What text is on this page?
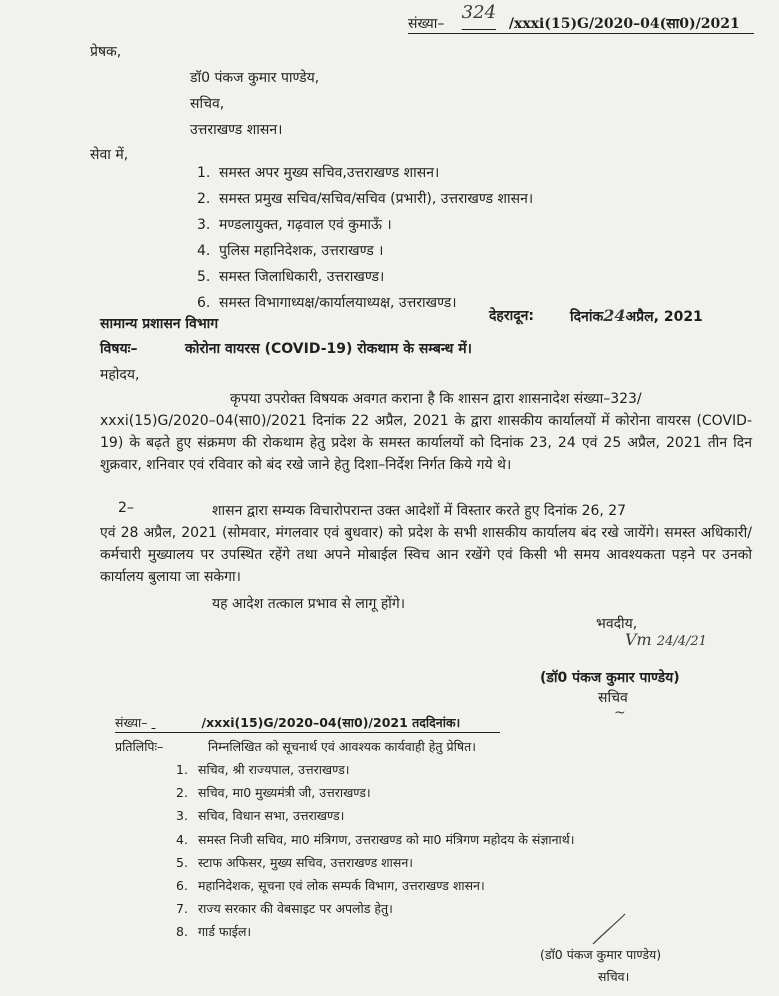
संख्या– 324/xxxi(15)G/2020–04(सा0)/2021
प्रेषक,
डॉ0 पंकज कुमार पाण्डेय,
सचिव,
उत्तराखण्ड शासन।
सेवा में,
1. समस्त अपर मुख्य सचिव,उत्तराखण्ड शासन।
2. समस्त प्रमुख सचिव/सचिव/सचिव (प्रभारी), उत्तराखण्ड शासन।
3. मण्डलायुक्त, गढ़वाल एवं कुमाऊँ ।
4. पुलिस महानिदेशक, उत्तराखण्ड ।
5. समस्त जिलाधिकारी, उत्तराखण्ड।
6. समस्त विभागाध्यक्ष/कार्यालयाध्यक्ष, उत्तराखण्ड।
सामान्य प्रशासन विभाग	देहरादून:	दिनांक24अप्रैल, 2021
विषयः–	कोरोना वायरस (COVID-19) रोकथाम के सम्बन्ध में।
महोदय,
कृपया उपरोक्त विषयक अवगत कराना है कि शासन द्वारा शासनादेश संख्या–323/
xxxi(15)G/2020–04(सा0)/2021 दिनांक 22 अप्रैल, 2021 के द्वारा शासकीय कार्यालयों में कोरोना वायरस (COVID-19) के बढ़ते हुए संक्रमण की रोकथाम हेतु प्रदेश के समस्त कार्यालयों को दिनांक 23, 24 एवं 25 अप्रैल, 2021 तीन दिन शुक्रवार, शनिवार एवं रविवार को बंद रखे जाने हेतु दिशा–निर्देश निर्गत किये गये थे।
2–	शासन द्वारा सम्यक विचारोपरान्त उक्त आदेशों में विस्तार करते हुए दिनांक 26, 27
एवं 28 अप्रैल, 2021 (सोमवार, मंगलवार एवं बुधवार) को प्रदेश के सभी शासकीय कार्यालय बंद रखे जायेंगे। समस्त अधिकारी/कर्मचारी मुख्यालय पर उपस्थित रहेंगे तथा अपने मोबाईल स्विच आन रखेंगे एवं किसी भी समय आवश्यकता पड़ने पर उनको कार्यालय बुलाया जा सकेगा।
यह आदेश तत्काल प्रभाव से लागू होंगे।
भवदीय,
Vm 24/4/21
(डॉ0 पंकज कुमार पाण्डेय)
सचिव
~
संख्या–	/xxxi(15)G/2020–04(सा0)/2021 तददिनांक।
प्रतिलिपिः–	निम्नलिखित को सूचनार्थ एवं आवश्यक कार्यवाही हेतु प्रेषित।
1. सचिव, श्री राज्यपाल, उत्तराखण्ड।
2. सचिव, मा0 मुख्यमंत्री जी, उत्तराखण्ड।
3. सचिव, विधान सभा, उत्तराखण्ड।
4. समस्त निजी सचिव, मा0 मंत्रिगण, उत्तराखण्ड को मा0 मंत्रिगण महोदय के संज्ञानार्थ।
5. स्टाफ अफिसर, मुख्य सचिव, उत्तराखण्ड शासन।
6. महानिदेशक, सूचना एवं लोक सम्पर्क विभाग, उत्तराखण्ड शासन।
7. राज्य सरकार की वेबसाइट पर अपलोड हेतु।
8. गार्ड फाईल।
(डॉ0 पंकज कुमार पाण्डेय)
सचिव।
